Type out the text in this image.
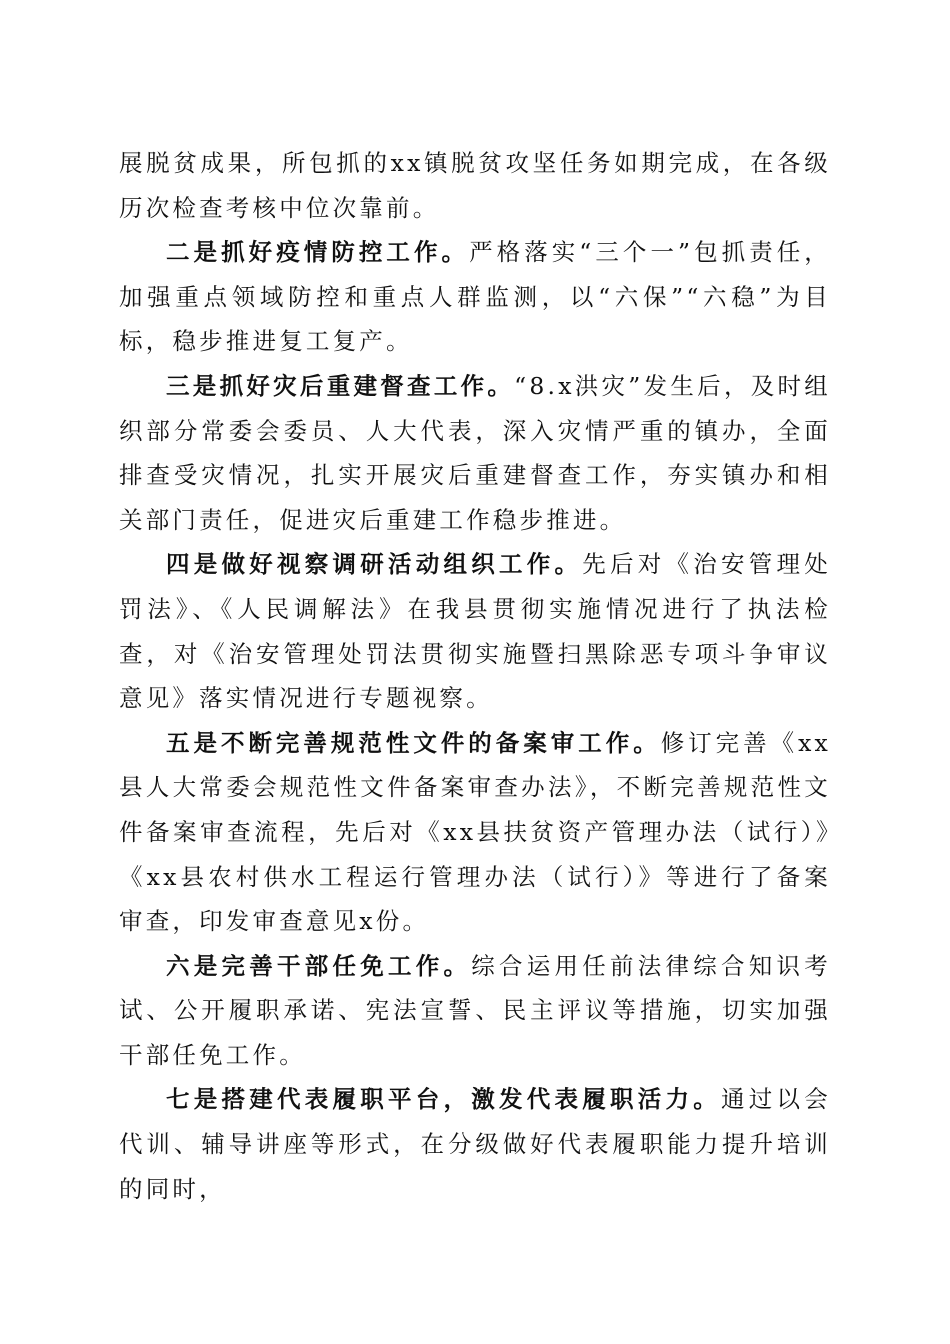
展脱贫成果，所包抓的xx镇脱贫攻坚任务如期完成，在各级历次检查考核中位次靠前。

二是抓好疫情防控工作。严格落实“三个一”包抓责任，加强重点领域防控和重点人群监测，以“六保”“六稳”为目标，稳步推进复工复产。

三是抓好灾后重建督查工作。“8.x洪灾”发生后，及时组织部分常委会委员、人大代表，深入灾情严重的镇办，全面排查受灾情况，扎实开展灾后重建督查工作，夯实镇办和相关部门责任，促进灾后重建工作稳步推进。

四是做好视察调研活动组织工作。先后对《治安管理处罚法》、《人民调解法》在我县贯彻实施情况进行了执法检查，对《治安管理处罚法贯彻实施暨扫黑除恶专项斗争审议意见》落实情况进行专题视察。

五是不断完善规范性文件的备案审工作。修订完善《xx县人大常委会规范性文件备案审查办法》，不断完善规范性文件备案审查流程，先后对《xx县扶贫资产管理办法（试行）》《xx县农村供水工程运行管理办法（试行）》等进行了备案审查，印发审查意见x份。

六是完善干部任免工作。综合运用任前法律综合知识考试、公开履职承诺、宪法宣誓、民主评议等措施，切实加强干部任免工作。

七是搭建代表履职平台，激发代表履职活力。通过以会代训、辅导讲座等形式，在分级做好代表履职能力提升培训的同时，
